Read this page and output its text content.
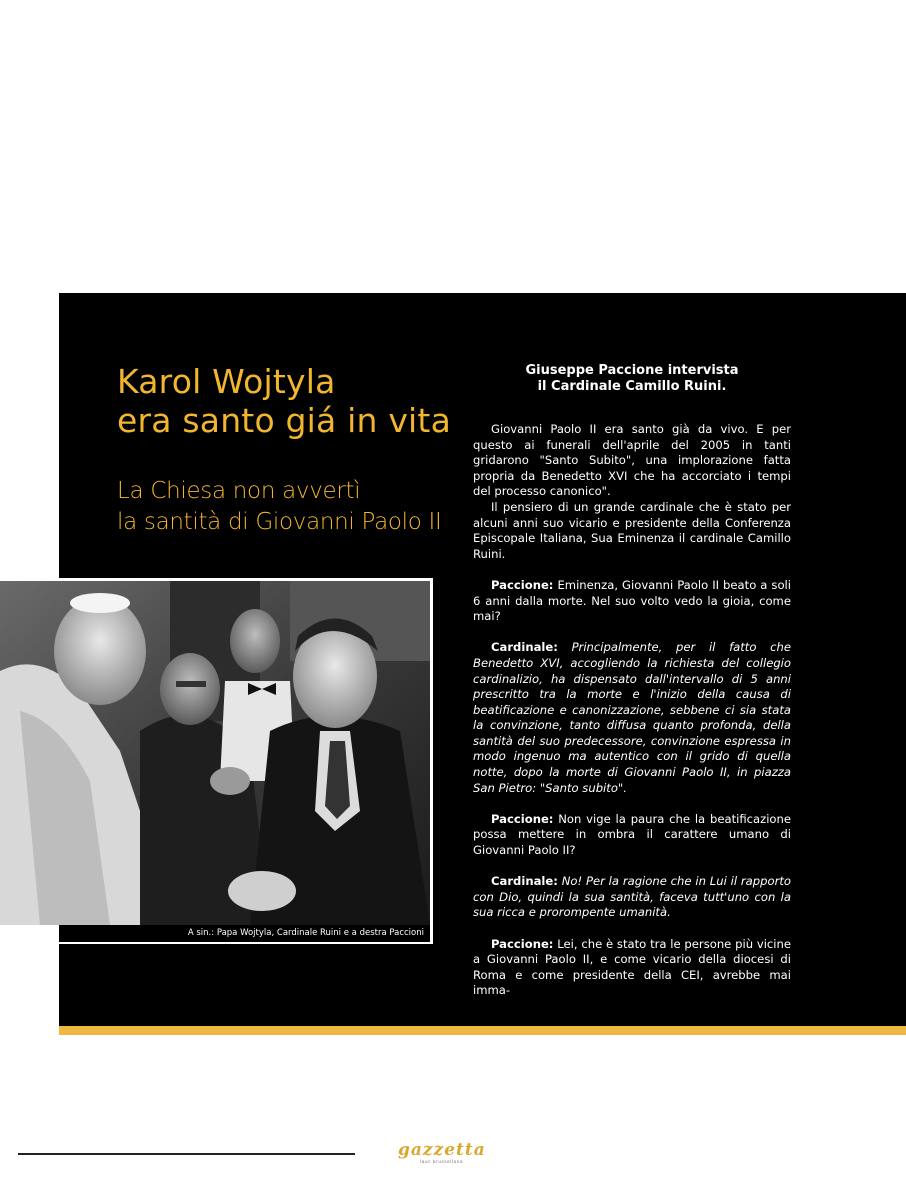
Karol Wojtyla
era santo giá in vita
La Chiesa non avvertì
la santità di Giovanni Paolo II
A sin.: Papa Wojtyla, Cardinale Ruini e a destra Paccioni
Giuseppe Paccione intervista
il Cardinale Camillo Ruini.

Giovanni Paolo II era santo già da vivo. E per questo ai funerali dell'aprile del 2005 in tanti gridarono "Santo Subito", una implorazione fatta propria da Benedetto XVI che ha accorciato i tempi del processo canonico".

Il pensiero di un grande cardinale che è stato per alcuni anni suo vicario e presidente della Conferenza Episcopale Italiana, Sua Eminenza il cardinale Camillo Ruini.

Paccione: Eminenza, Giovanni Paolo II beato a soli 6 anni dalla morte. Nel suo volto vedo la gioia, come mai?

Cardinale: Principalmente, per il fatto che Benedetto XVI, accogliendo la richiesta del collegio cardinalizio, ha dispensato dall'intervallo di 5 anni prescritto tra la morte e l'inizio della causa di beatificazione e canonizzazione, sebbene ci sia stata la convinzione, tanto diffusa quanto profonda, della santità del suo predecessore, convinzione espressa in modo ingenuo ma autentico con il grido di quella notte, dopo la morte di Giovanni Paolo II, in piazza San Pietro: "Santo subito".

Paccione: Non vige la paura che la beatificazione possa mettere in ombra il carattere umano di Giovanni Paolo II?

Cardinale: No! Per la ragione che in Lui il rapporto con Dio, quindi la sua santità, faceva tutt'uno con la sua ricca e prorompente umanità.

Paccione: Lei, che è stato tra le persone più vicine a Giovanni Paolo II, e come vicario della diocesi di Roma e come presidente della CEI, avrebbe mai imma-

gazzetta
lauc brussellana
